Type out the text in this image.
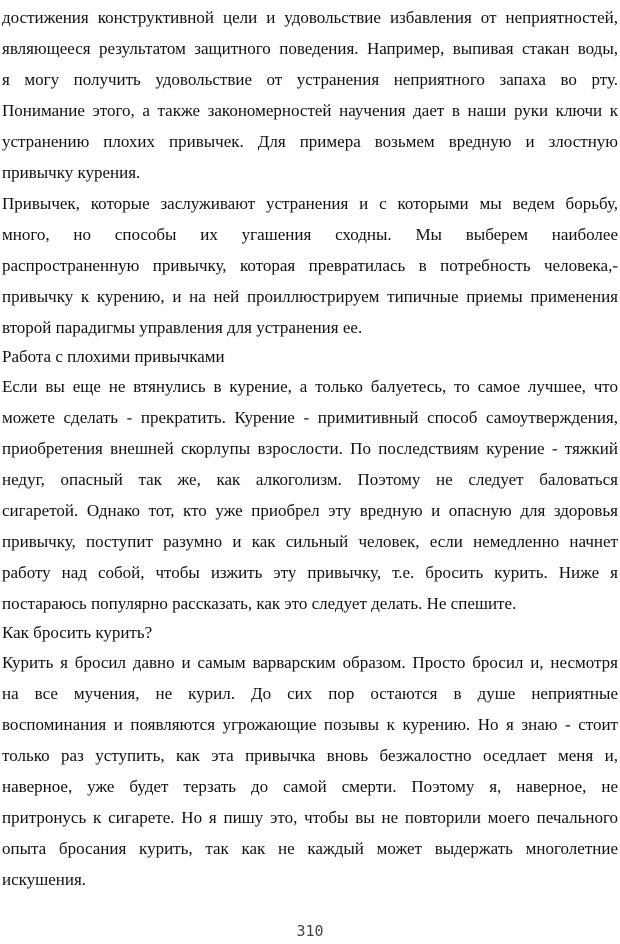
достижения конструктивной цели и удовольствие избавления от неприятностей,
являющееся результатом защитного поведения. Например, выпивая стакан воды,
я могу получить удовольствие от устранения неприятного запаха во рту.
Понимание этого, а также закономерностей научения дает в наши руки ключи к
устранению плохих привычек. Для примера возьмем вредную и злостную
привычку курения.
Привычек, которые заслуживают устранения и с которыми мы ведем борьбу,
много, но способы их угашения сходны. Мы выберем наиболее
распространенную привычку, которая превратилась в потребность человека,-
привычку к курению, и на ней проиллюстрируем типичные приемы применения
второй парадигмы управления для устранения ее.
Работа с плохими привычками
Если вы еще не втянулись в курение, а только балуетесь, то самое лучшее, что
можете сделать - прекратить. Курение - примитивный способ самоутверждения,
приобретения внешней скорлупы взрослости. По последствиям курение - тяжкий
недуг, опасный так же, как алкоголизм. Поэтому не следует баловаться
сигаретой. Однако тот, кто уже приобрел эту вредную и опасную для здоровья
привычку, поступит разумно и как сильный человек, если немедленно начнет
работу над собой, чтобы изжить эту привычку, т.е. бросить курить. Ниже я
постараюсь популярно рассказать, как это следует делать. Не спешите.
Как бросить курить?
Курить я бросил давно и самым варварским образом. Просто бросил и, несмотря
на все мучения, не курил. До сих пор остаются в душе неприятные
воспоминания и появляются угрожающие позывы к курению. Но я знаю - стоит
только раз уступить, как эта привычка вновь безжалостно оседлает меня и,
наверное, уже будет терзать до самой смерти. Поэтому я, наверное, не
притронусь к сигарете. Но я пишу это, чтобы вы не повторили моего печального
опыта бросания курить, так как не каждый может выдержать многолетние
искушения.
310
